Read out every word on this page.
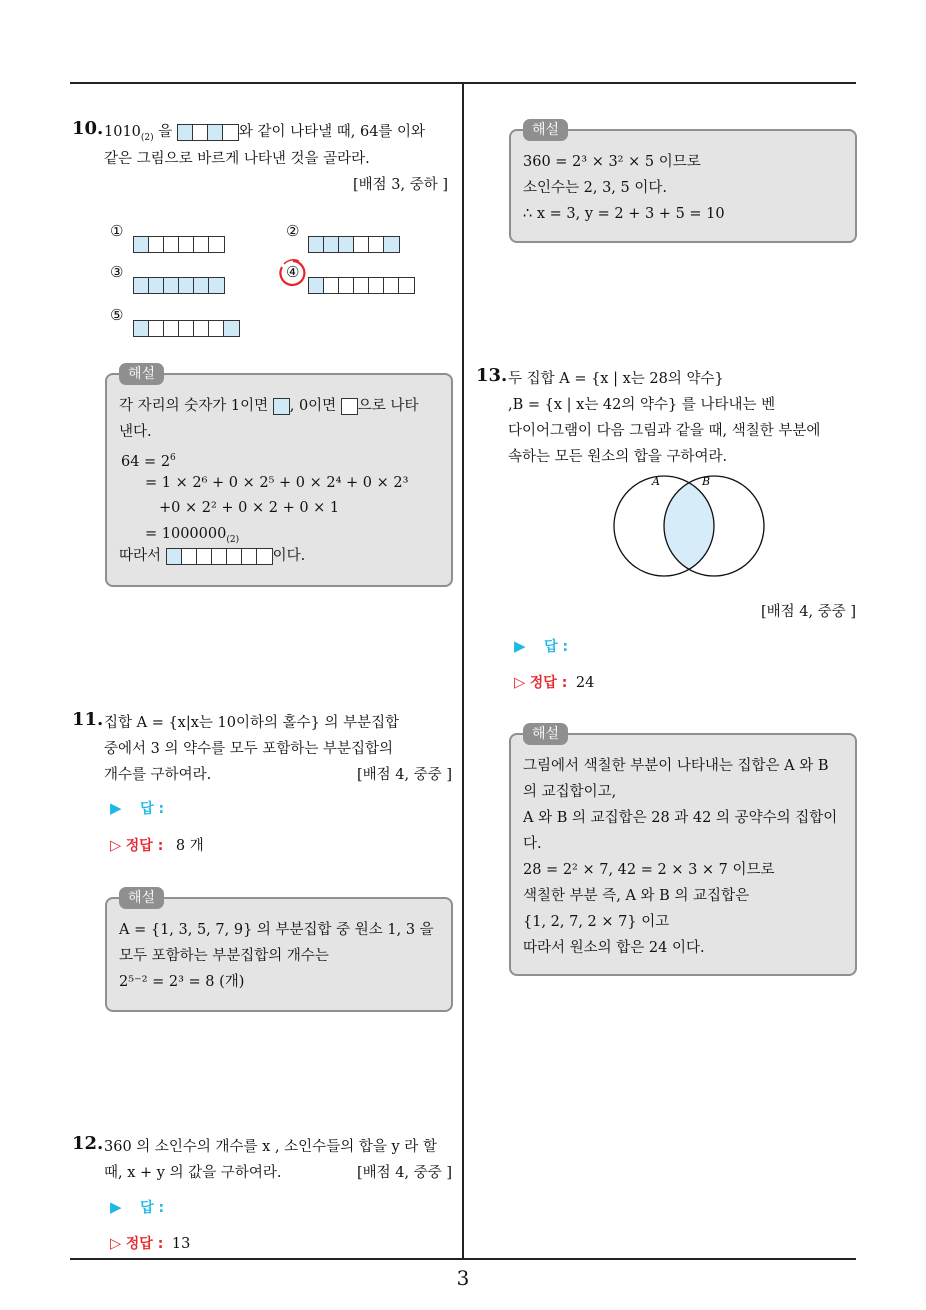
10. $1010_{(2)}$ 을	와 같이 나타낼 때, 64를 이와
같은 그림으로 바르게 나타낸 것을 골라라.
[배점 3, 중하 ]
①	②
③	④
⑤
해설
각 자리의 숫자가 1이면
, 0이면
으로 나타
낸다.
$64 = 2^6$
= 1 × 2⁶ + 0 × 2⁵ + 0 × 2⁴ + 0 × 2³
+0 × 2² + 0 × 2 + 0 × 1
= $1000000_{(2)}$
따라서	이다.
11. 집합 A = {x|x는 10이하의 홀수} 의 부분집합
중에서 3 의 약수를 모두 포함하는 부분집합의
개수를 구하여라.	[배점 4, 중중 ]
▶ 답 :
▷ 정답 : 8 개
해설
A = {1, 3, 5, 7, 9} 의 부분집합 중 원소 1, 3 을
모두 포함하는 부분집합의 개수는
2⁵⁻² = 2³ = 8 (개)
12. 360 의 소인수의 개수를 x , 소인수들의 합을 y 라 할
때, x + y 의 값을 구하여라.	[배점 4, 중중 ]
▶ 답 :
▷ 정답 : 13
해설
360 = 2³ × 3² × 5 이므로
소인수는 2, 3, 5 이다.
∴ x = 3, y = 2 + 3 + 5 = 10
13. 두 집합 A = {x | x는 28의 약수}
,B = {x | x는 42의 약수} 를 나타내는 벤
다이어그램이 다음 그림과 같을 때, 색칠한 부분에
속하는 모든 원소의 합을 구하여라.
A	B
[배점 4, 중중 ]
▶ 답 :
▷ 정답 : 24
해설
그림에서 색칠한 부분이 나타내는 집합은 A 와 B
의 교집합이고,
A 와 B 의 교집합은 28 과 42 의 공약수의 집합이
다.
28 = 2² × 7, 42 = 2 × 3 × 7 이므로
색칠한 부분 즉, A 와 B 의 교집합은
{1, 2, 7, 2 × 7} 이고
따라서 원소의 합은 24 이다.
3
